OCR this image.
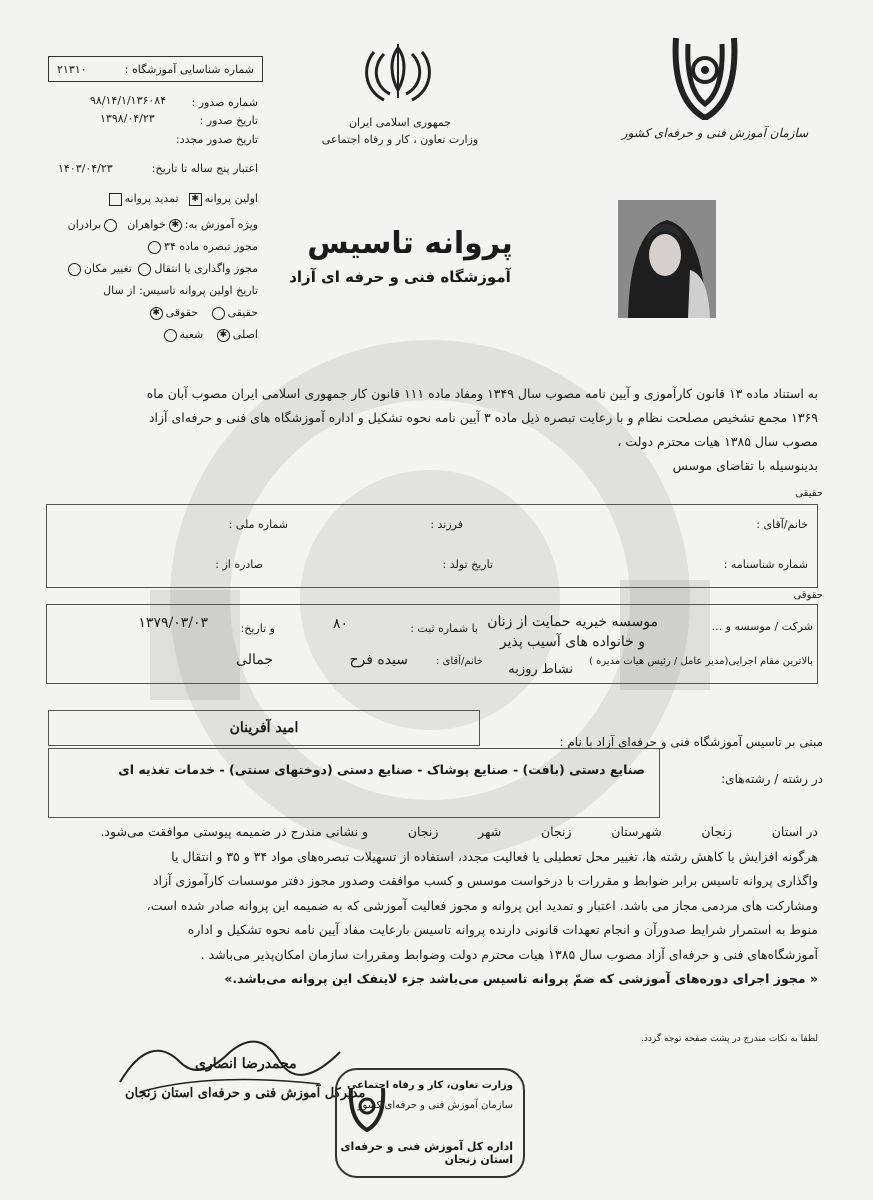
شماره شناسایی آموزشگاه :
۲۱۳۱۰
شماره صدور :
۹۸/۱۴/۱/۱۳۶۰۸۴
تاریخ صدور :
۱۳۹۸/۰۴/۲۳
تاریخ صدور مجدد:
اعتبار پنج ساله تا تاریخ:
۱۴۰۳/۰۴/۲۳
اولین پروانه✱  تمدید پروانه
ویژه آموزش به:✱خواهران  برادران
مجوز تبصره ماده ۳۴
مجوز واگذاری یا انتقال تغییر مکان
تاریخ اولین پروانه تاسیس: از سال
حقیقی   حقوقی✱
اصلی✱   شعبه
جمهوری اسلامی ایران
وزارت تعاون ، کار و رفاه اجتماعی	سازمان آموزش فنی و حرفه‌ای کشور
پروانه تاسیس
آموزشگاه فنی و حرفه ای آزاد
به استناد ماده ۱۳ قانون کارآموزی و آیین نامه مصوب سال ۱۳۴۹ ومفاد ماده ۱۱۱ قانون کار جمهوری اسلامی ایران مصوب آبان ماه
۱۳۶۹ مجمع تشخیص مصلحت نظام و با رعایت تبصره ذیل ماده ۳ آیین نامه نحوه تشکیل و اداره آموزشگاه های فنی و حرفه‌ای آزاد
مصوب سال ۱۳۸۵ هیات محترم دولت ،
بدینوسیله با تقاضای موسس
حقیقی
خانم/آقای :
فرزند :
شماره ملی :
شماره شناسنامه :
تاریخ تولد :
صادره از :
حقوقی
شرکت / موسسه و ...
موسسه خیریه حمایت از زنان
و خانواده های آسیب پذیر
با شماره ثبت :
۸۰
و تاریخ:
۱۳۷۹/۰۳/۰۳
بالاترین مقام اجرایی(مدیر عامل / رئیس هیات مدیره )
نشاط روزبه
خانم/آقای :
سیده فرح
جمالی
مبنی بر تاسیس آموزشگاه فنی و حرفه‌ای آزاد با نام :
امید آفرینان
در رشته / رشته‌های:
صنایع دستی (بافت) - صنایع پوشاک - صنایع دستی (دوختهای سنتی) - خدمات تغذیه ای
در استان          زنجان          شهرستان          زنجان          شهر          زنجان          و نشانی مندرج در ضمیمه پیوستی موافقت می‌شود.
هرگونه افزایش یا کاهش رشته ها، تغییر محل تعطیلی یا فعالیت مجدد، استفاده از تسهیلات تبصره‌های مواد ۳۴ و ۳۵ و انتقال یا
واگذاری پروانه تاسیس برابر ضوابط و مقررات با درخواست موسس و کسب موافقت وصدور مجوز دفتر موسسات کارآموزی آزاد
ومشارکت های مردمی مجاز می باشد. اعتبار و تمدید این پروانه و مجوز فعالیت آموزشی که به ضمیمه این پروانه صادر شده است،
منوط به استمرار شرایط صدورآن و انجام تعهدات قانونی دارنده پروانه تاسیس بارعایت مفاد آیین نامه نحوه تشکیل و اداره
آموزشگاه‌های فنی و حرفه‌ای آزاد مصوب سال ۱۳۸۵ هیات محترم دولت وضوابط ومقررات سازمان امکان‌پذیر می‌باشد .
« مجوز اجرای دوره‌های آموزشی که ضمّ پروانه تاسیس می‌باشد جزء لاینفک این پروانه می‌باشد.»
لطفا به نکات مندرج در پشت صفحه توجه گردد.
محمدرضا انصاری
مدیرکل آموزش فنی و حرفه‌ای استان زنجان
وزارت تعاون، کار و رفاه اجتماعی
سازمان آموزش فنی و حرفه‌ای کشور
اداره کل آموزش فنی و حرفه‌ای استان زنجان
